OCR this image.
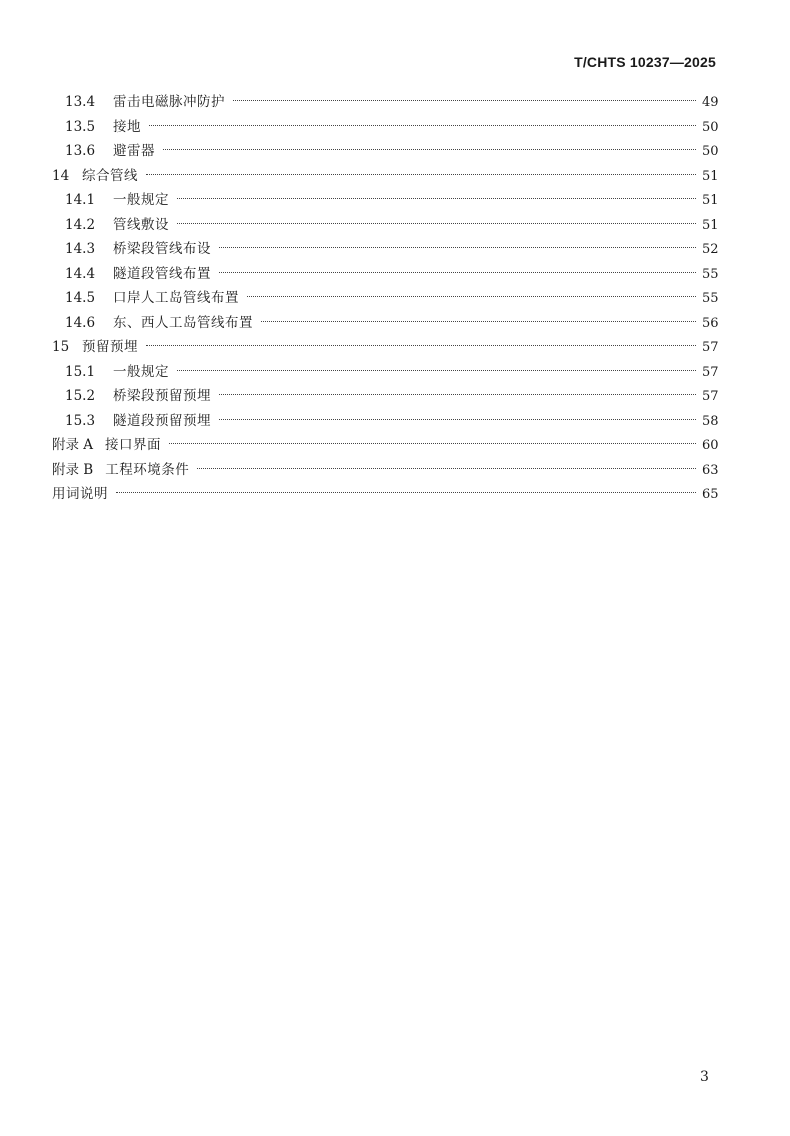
T/CHTS 10237—2025
13.4	雷击电磁脉冲防护	49
13.5	接地	50
13.6	避雷器	50
14 综合管线	51
14.1	一般规定	51
14.2	管线敷设	51
14.3	桥梁段管线布设	52
14.4	隧道段管线布置	55
14.5	口岸人工岛管线布置	55
14.6	东、西人工岛管线布置	56
15 预留预埋	57
15.1	一般规定	57
15.2	桥梁段预留预埋	57
15.3	隧道段预留预埋	58
附录 A 接口界面	60
附录 B 工程环境条件	63
用词说明	65
3
